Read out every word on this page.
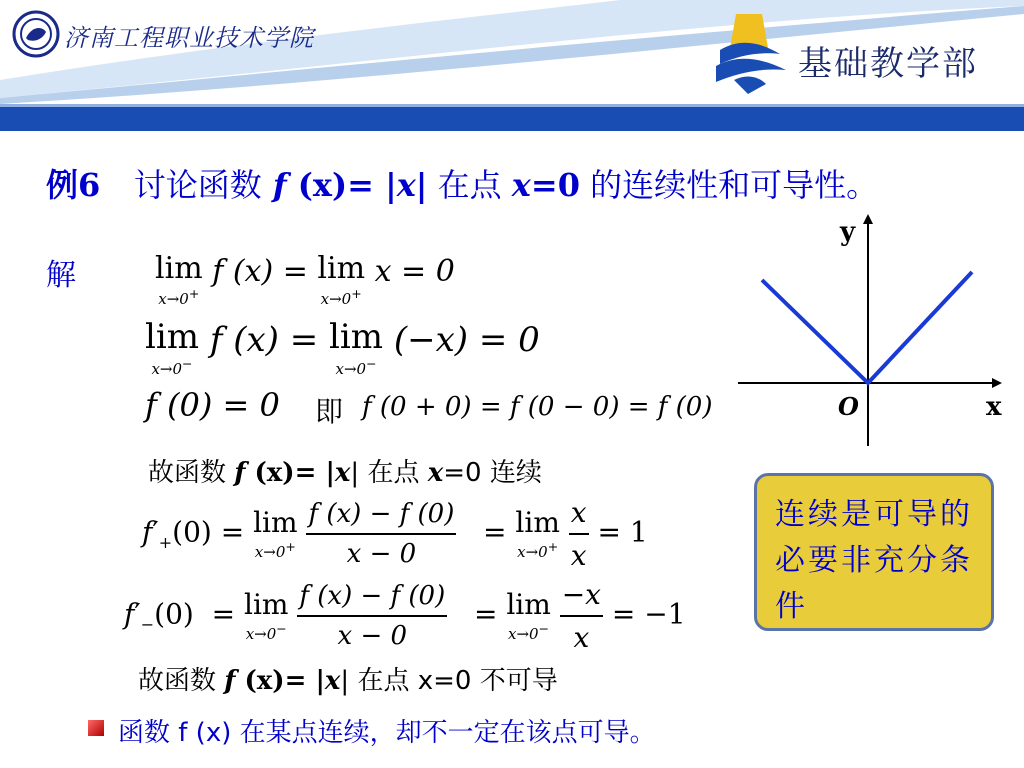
济南工程职业技术学院
基础教学部
例6 讨论函数 f (x)= |x| 在点 x=0 的连续性和可导性。
解
y
x
O
lim
x→0+
f (x) = lim
x→0+
x = 0
lim
x→0−
f (x) = lim
x→0−
(−x) = 0
f (0) = 0 即 f (0 + 0) = f (0 − 0) = f (0)
故函数 f (x)= |x| 在点 x=0 连续
$f'_+(0) = \lim$
x→0+
$\frac{f (x) - f (0)}{x - 0} = \lim$
x→0+
$\frac{x}{x} = 1$
$f'_-(0) = \lim$
x→0−
$\frac{f (x) - f (0)}{x - 0} = \lim$
x→0−
$\frac{-x}{x} = -1$
故函数 f (x)= |x| 在点 x=0 不可导
连续是可导的必要非充分条件
函数 f (x) 在某点连续，却不一定在该点可导。
